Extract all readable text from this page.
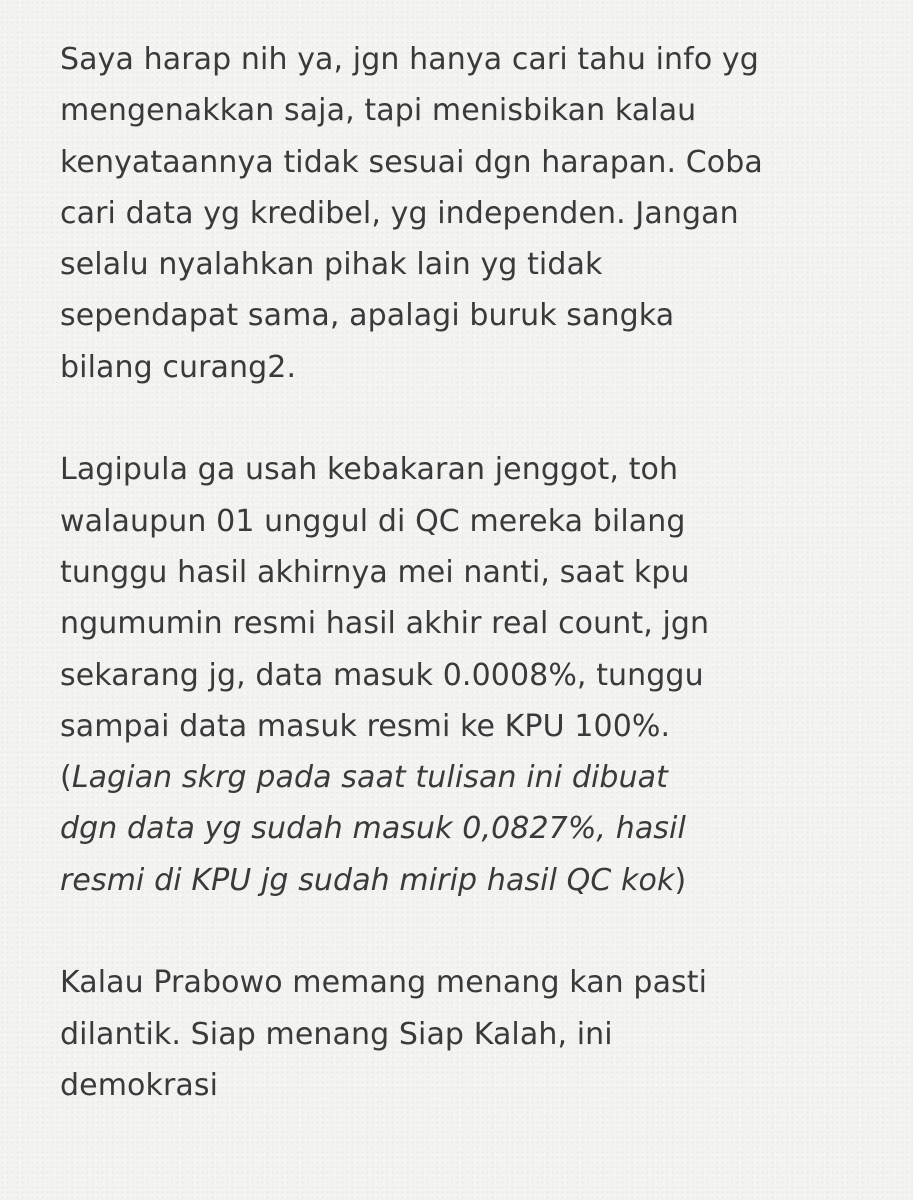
Saya harap nih ya, jgn hanya cari tahu info yg
mengenakkan saja, tapi menisbikan kalau
kenyataannya tidak sesuai dgn harapan. Coba
cari data yg kredibel, yg independen. Jangan
selalu nyalahkan pihak lain yg tidak
sependapat sama, apalagi buruk sangka
bilang curang2.
Lagipula ga usah kebakaran jenggot, toh
walaupun 01 unggul di QC mereka bilang
tunggu hasil akhirnya mei nanti, saat kpu
ngumumin resmi hasil akhir real count, jgn
sekarang jg, data masuk 0.0008%, tunggu
sampai data masuk resmi ke KPU 100%.
(Lagian skrg pada saat tulisan ini dibuat
dgn data yg sudah masuk 0,0827%, hasil
resmi di KPU jg sudah mirip hasil QC kok)
Kalau Prabowo memang menang kan pasti
dilantik. Siap menang Siap Kalah, ini
demokrasi
